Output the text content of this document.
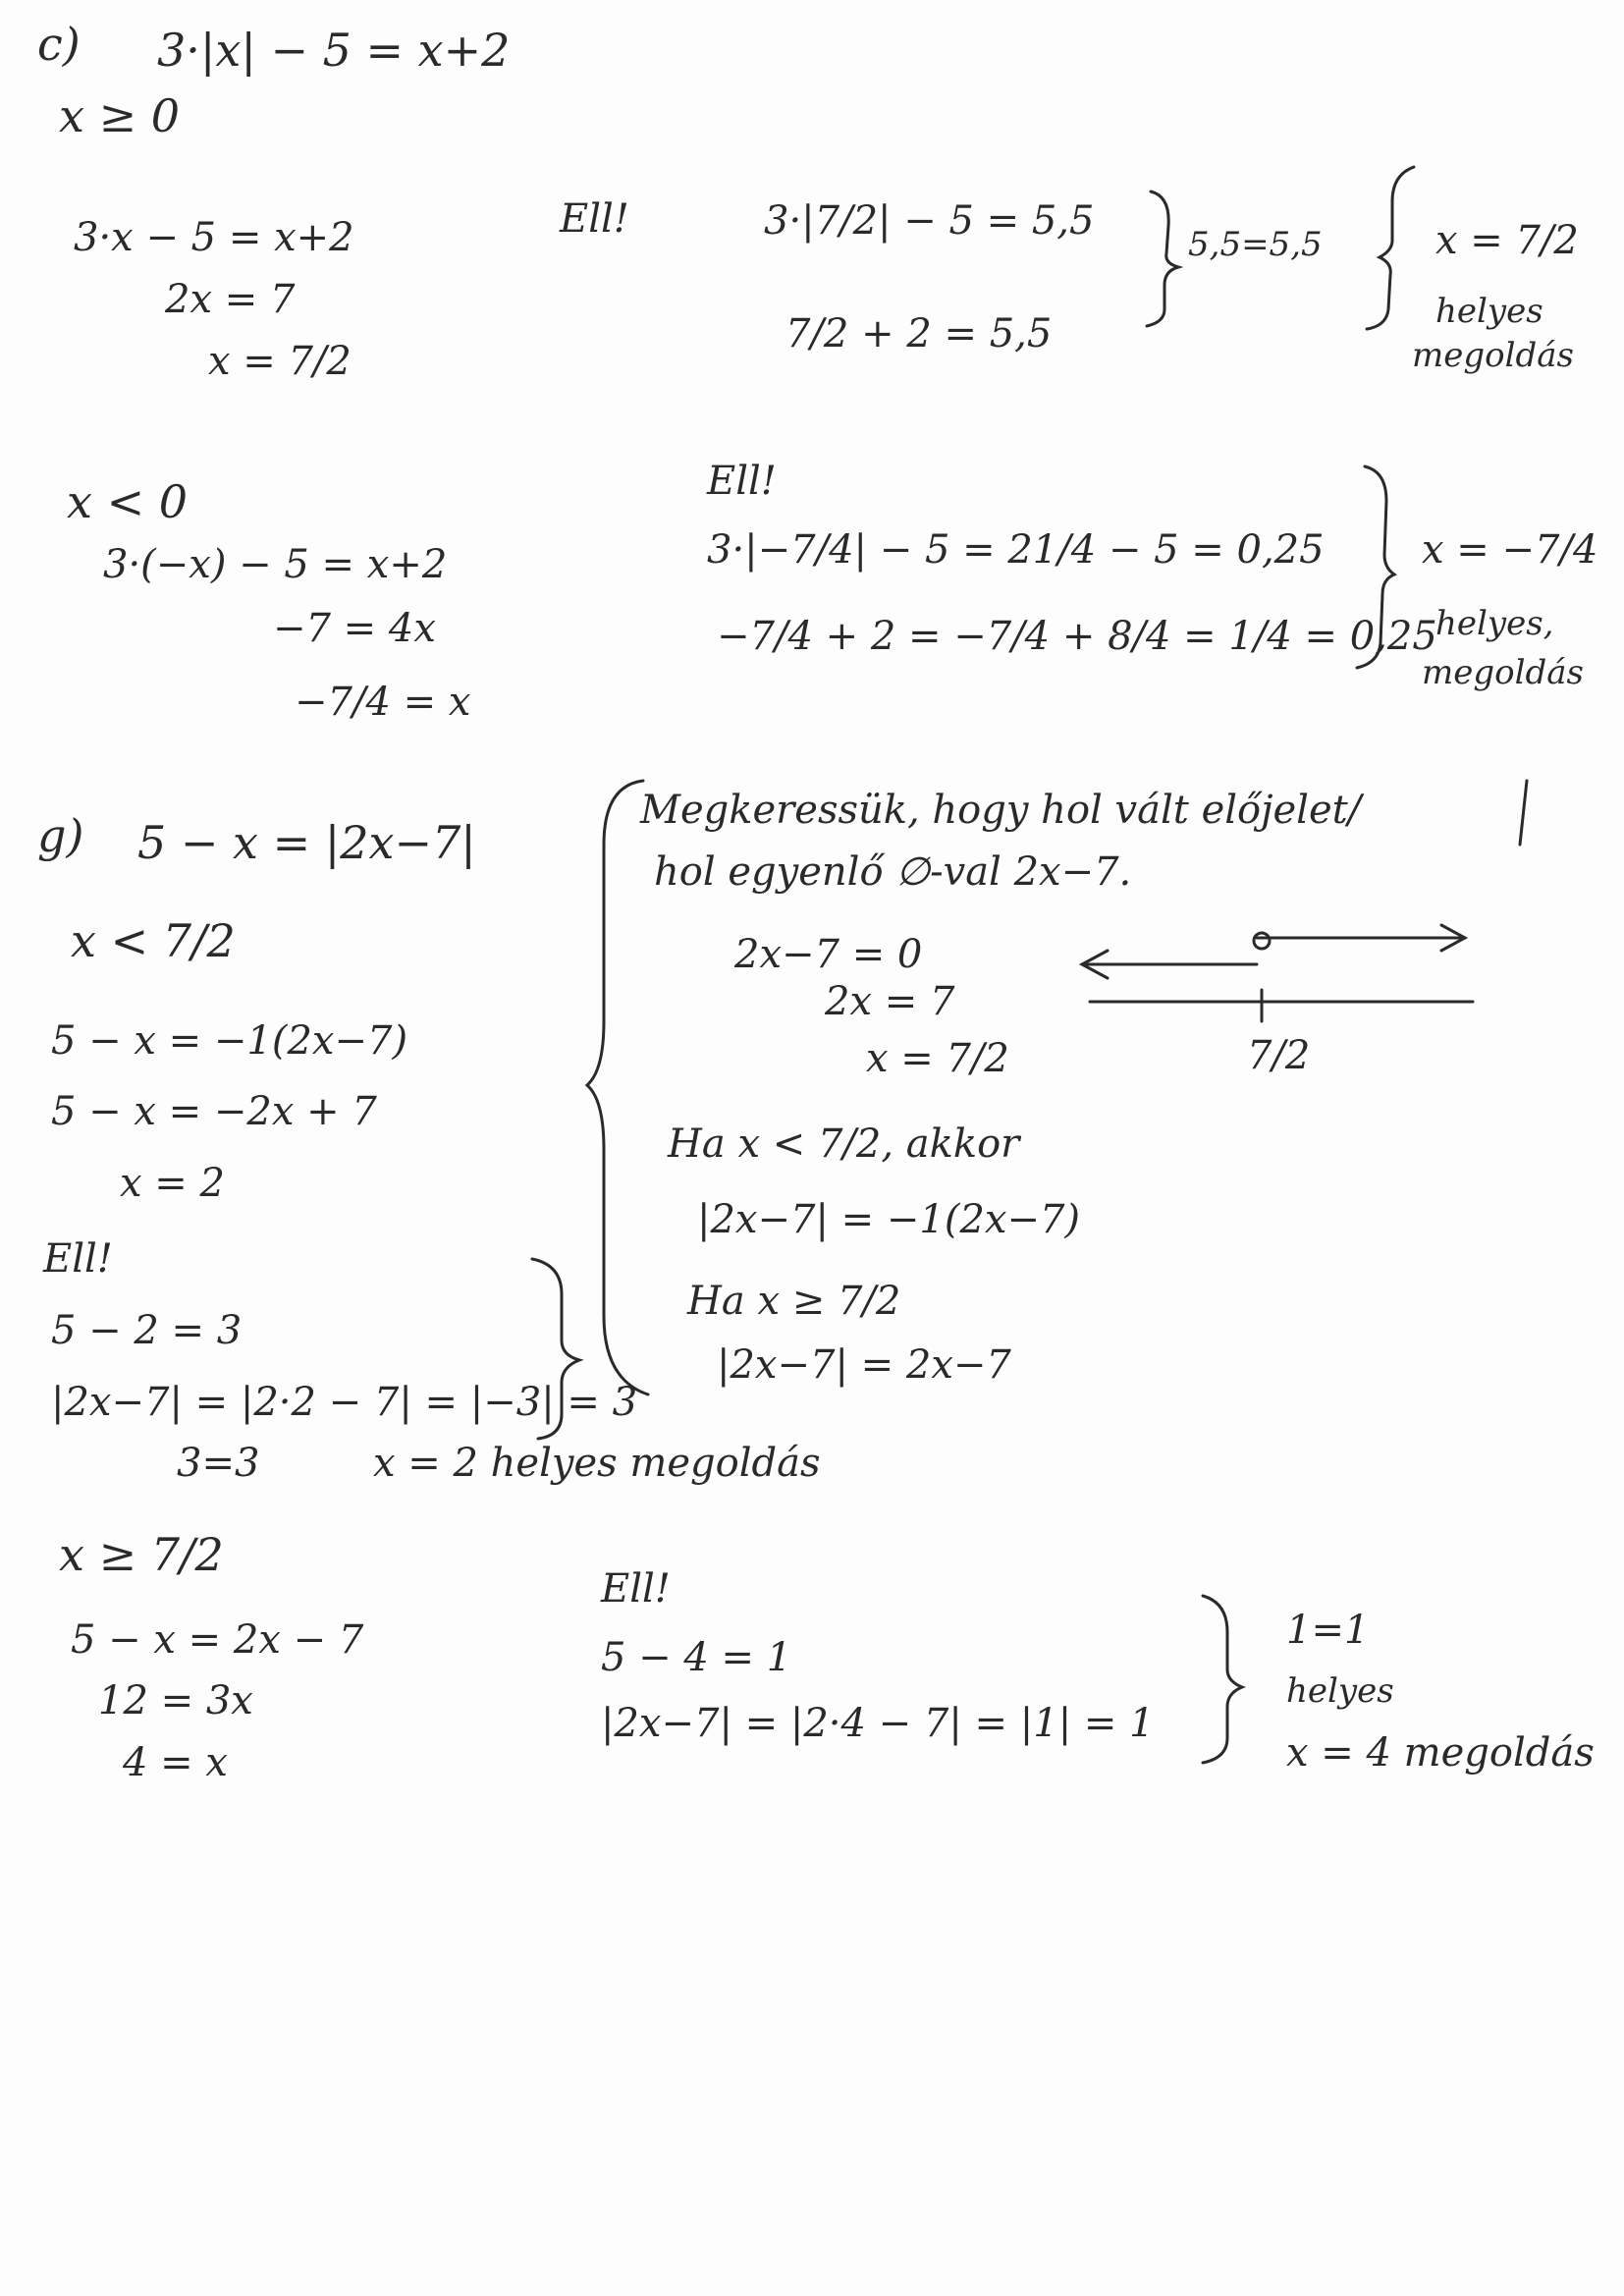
c) 3·|x| − 5 = x+2
x ≥ 0
3·x − 5 = x+2
2x = 7
x = 7/2
Ell!	3·|7/2| − 5 = 5,5
7/2 + 2 = 5,5
5,5=5,5	x = 7/2
helyes
megoldás
x < 0
3·(−x) − 5 = x+2
−7 = 4x
−7/4 = x
Ell!
3·|−7/4| − 5 = 21/4 − 5 = 0,25
−7/4 + 2 = −7/4 + 8/4 = 1/4 = 0,25
x = −7/4
helyes,
megoldás
g) 5 − x = |2x−7|
Megkeressük, hogy hol vált előjelet/
hol egyenlő ∅-val 2x−7.
2x−7 = 0
2x = 7
x = 7/2
Ha x < 7/2, akkor
|2x−7| = −1(2x−7)
Ha x ≥ 7/2
|2x−7| = 2x−7
7/2
x < 7/2
5 − x = −1(2x−7)
5 − x = −2x + 7
x = 2
Ell!
5 − 2 = 3
|2x−7| = |2·2 − 7| = |−3| = 3
3=3	x = 2 helyes megoldás
x ≥ 7/2
5 − x = 2x − 7
12 = 3x
4 = x
Ell!
5 − 4 = 1
|2x−7| = |2·4 − 7| = |1| = 1
1=1
helyes
x = 4 megoldás
